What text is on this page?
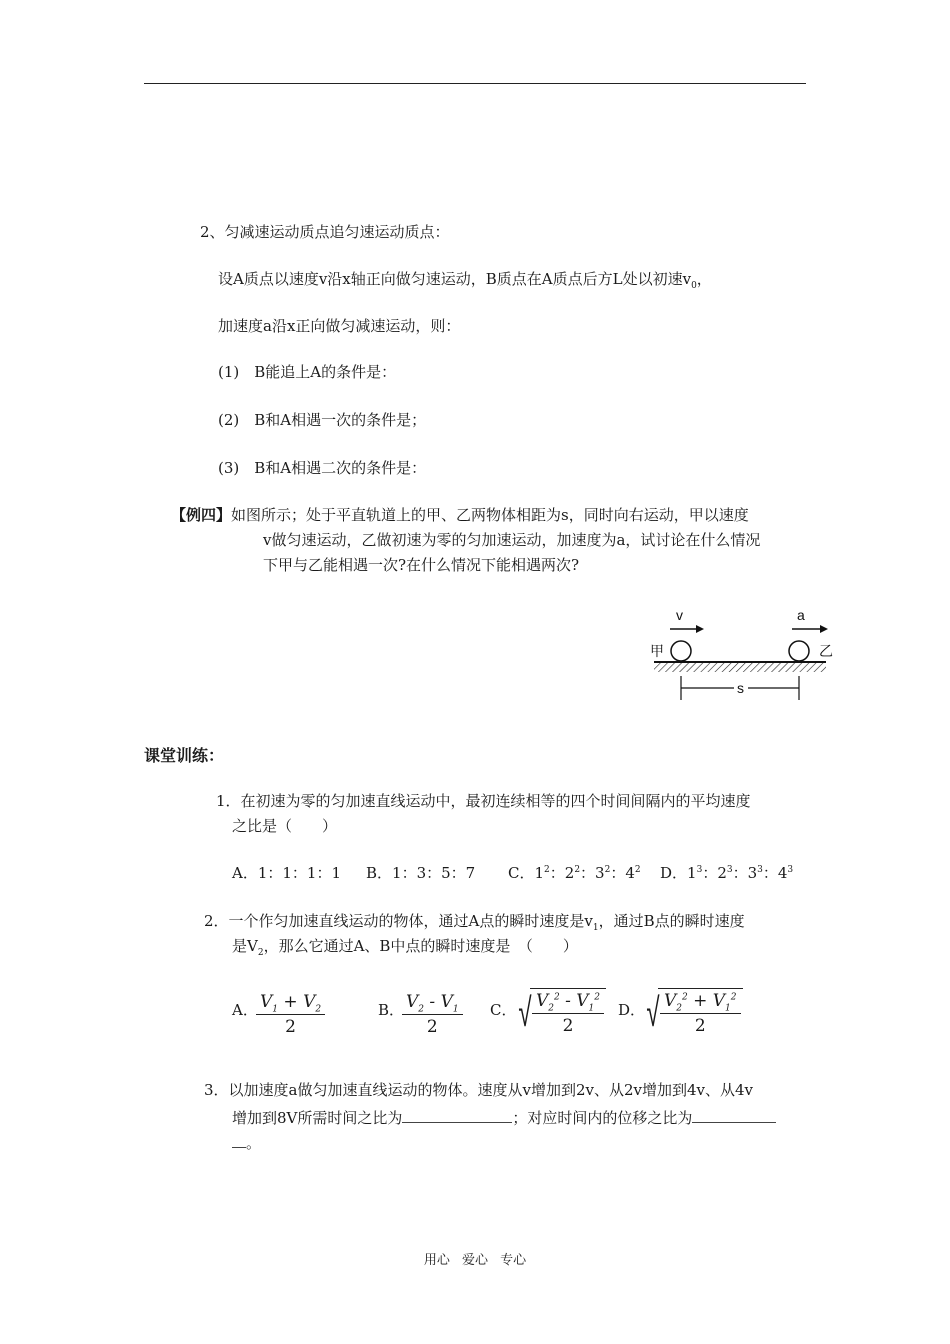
2、匀减速运动质点追匀速运动质点：
设A质点以速度v沿x轴正向做匀速运动，B质点在A质点后方L处以初速$v_0$，
加速度a沿x正向做匀减速运动，则：
(1)　B能追上A的条件是：
(2)　B和A相遇一次的条件是；
(3)　B和A相遇二次的条件是：
【例四】如图所示；处于平直轨道上的甲、乙两物体相距为s，同时向右运动，甲以速度
v做匀速运动，乙做初速为零的匀加速运动，加速度为a，试讨论在什么情况
下甲与乙能相遇一次?在什么情况下能相遇两次?
v	a
甲	乙
s
课堂训练：
1．在初速为零的匀加速直线运动中，最初连续相等的四个时间间隔内的平均速度
之比是（　　）
A．1：1：1：1 B．1：3：5：7 C．$1^2$：$2^2$：$3^2$：$4^2$ D．$1^3$：$2^3$：$3^3$：$4^3$
2．一个作匀加速直线运动的物体，通过A点的瞬时速度是$v_1$，通过B点的瞬时速度
是$V_2$，那么它通过A、B中点的瞬时速度是　（　　）
A．
$\frac{V_1 + V_2}{2}$	B．
$\frac{V_2 - V_1}{2}$ C． √ $\frac{V_2^2 - V_1^2}{2}$ D． √ $\frac{V_2^2 + V_1^2}{2}$
3．以加速度a做匀加速直线运动的物体。速度从v增加到2v、从2v增加到4v、从4v
增加到8V所需时间之比为	；对应时间内的位移之比为
。
用心 爱心 专心
